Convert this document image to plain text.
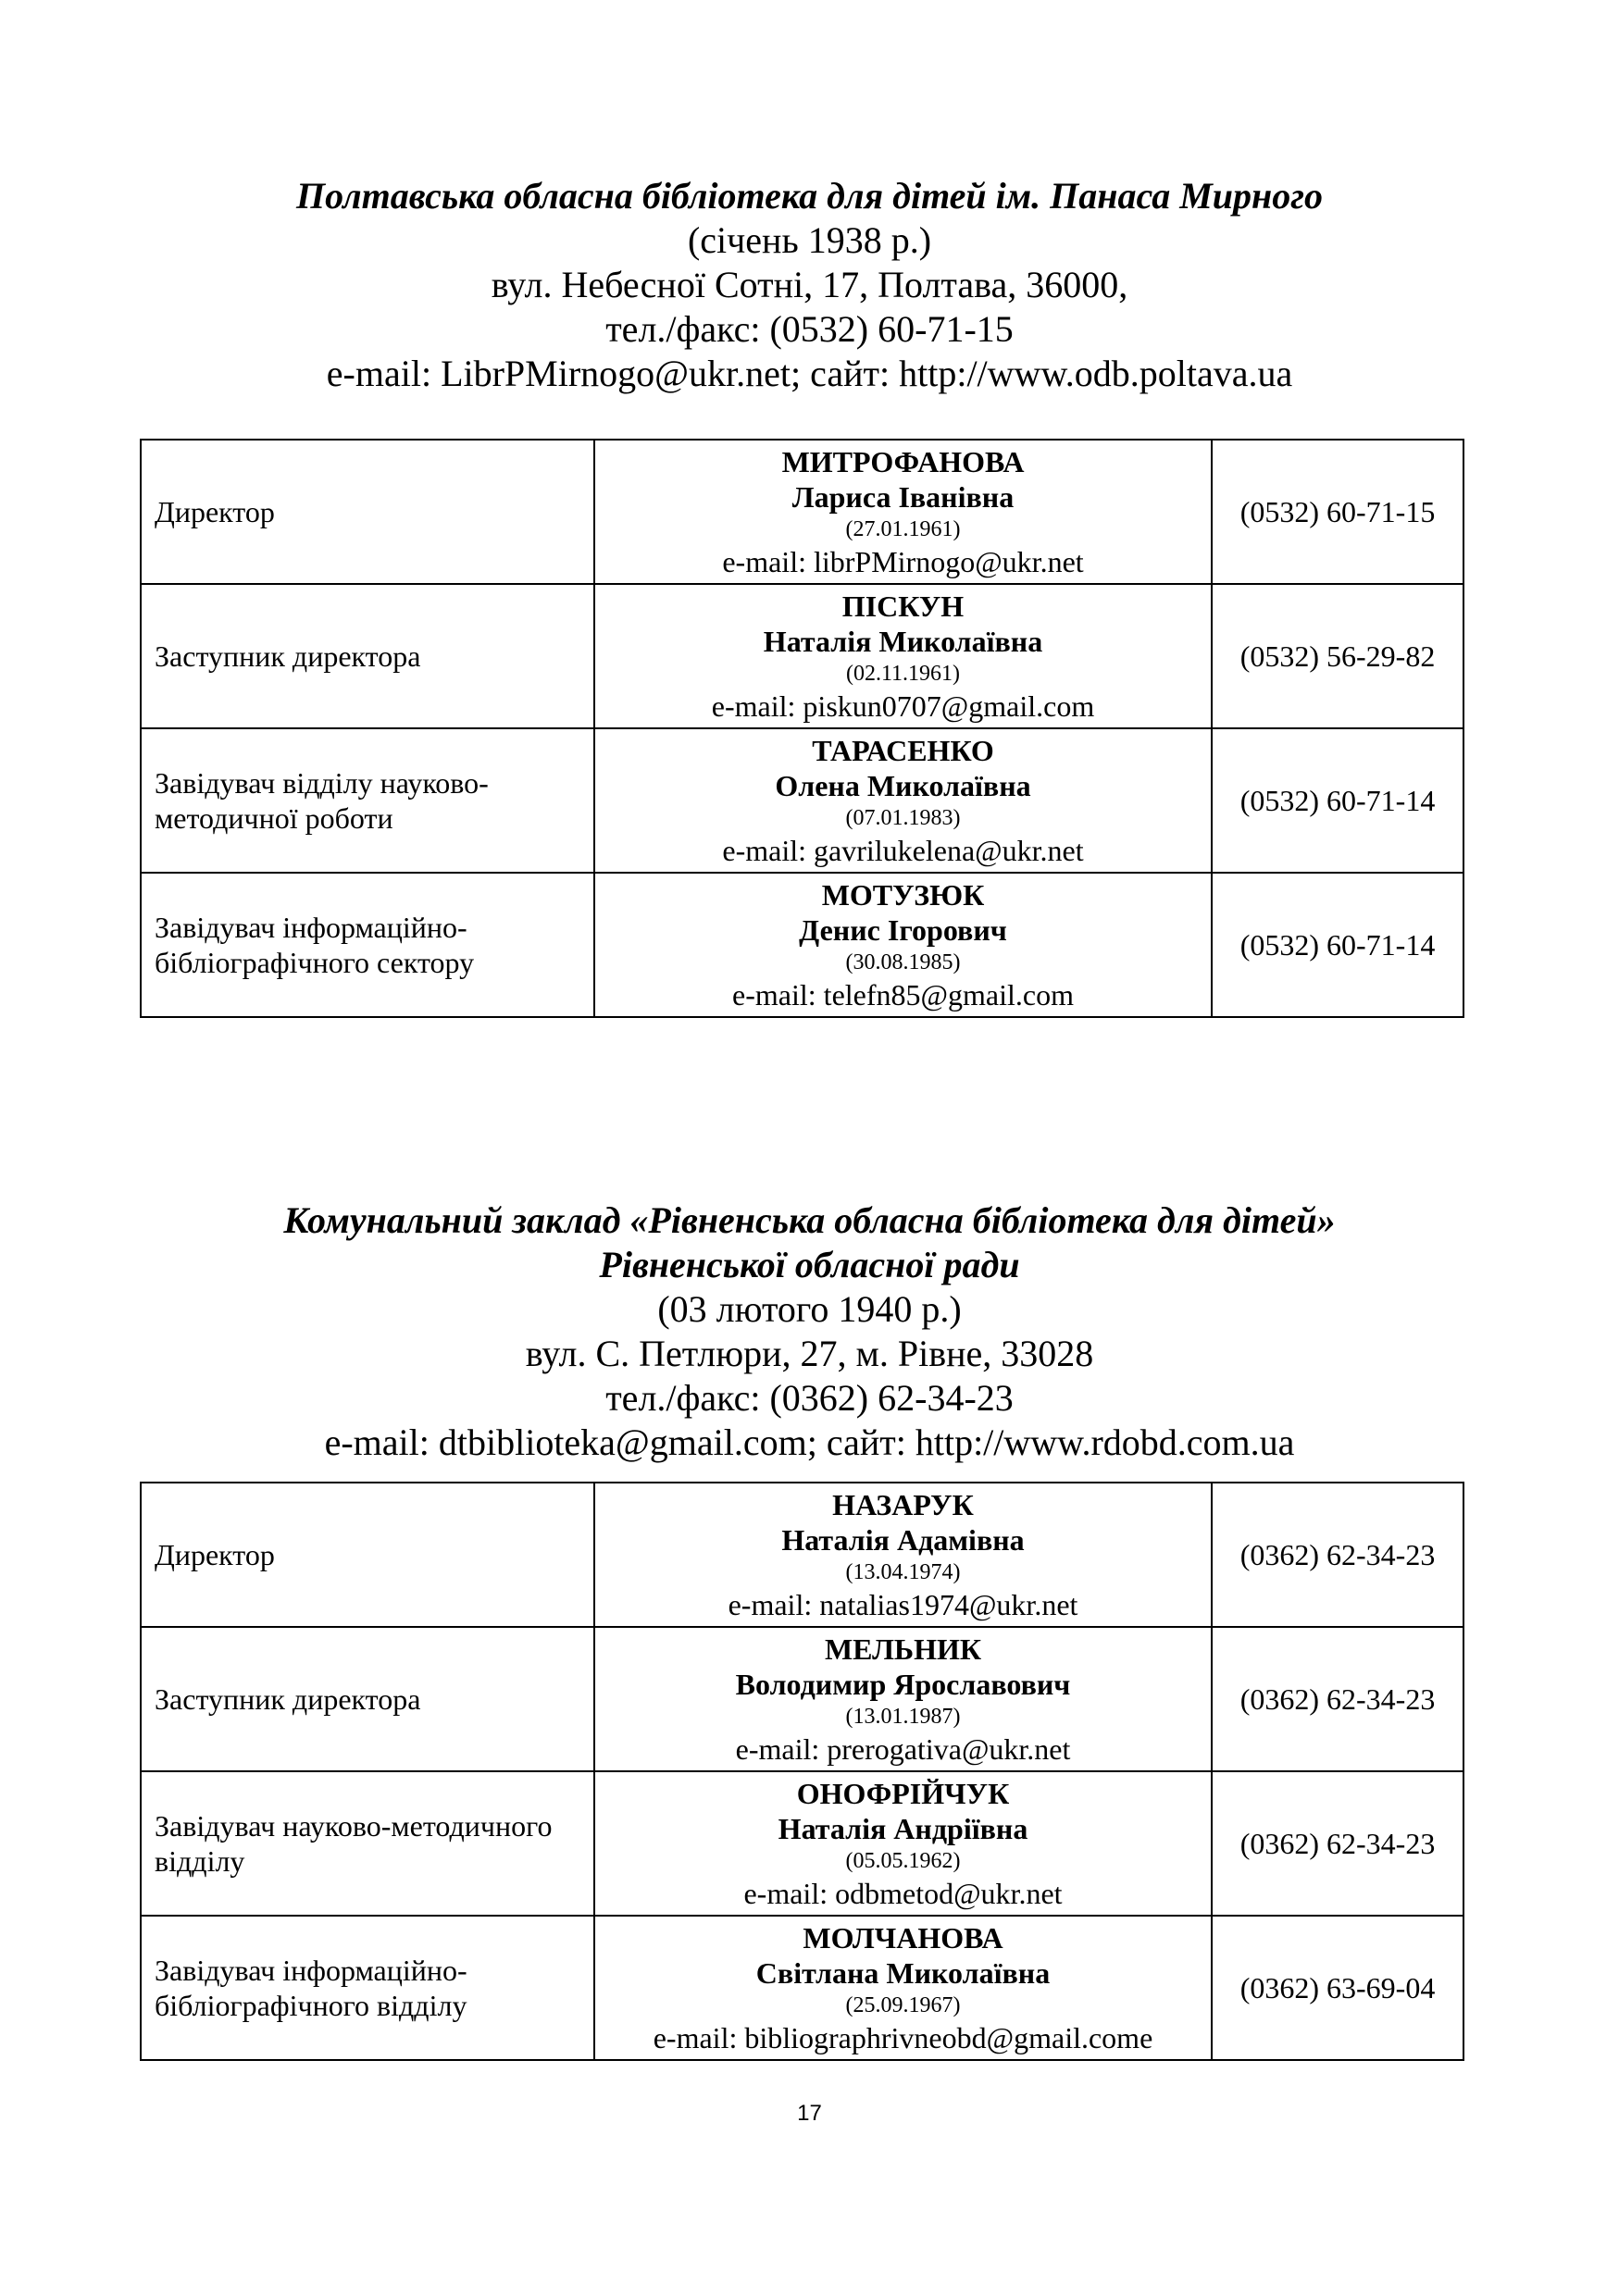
Полтавська обласна бібліотека для дітей ім. Панаса Мирного
(січень 1938 р.)
вул. Небесної Сотні, 17, Полтава, 36000,
тел./факс: (0532) 60-71-15
e-mail: LibrPMirnogo@ukr.net; сайт: http://www.odb.poltava.ua
Директор	МИТРОФАНОВА
Лариса Іванівна
(27.01.1961)
e-mail: librPMirnogo@ukr.net	(0532) 60-71-15
Заступник директора	ПІСКУН
Наталія Миколаївна
(02.11.1961)
e-mail: piskun0707@gmail.com	(0532) 56-29-82
Завідувач відділу науково-методичної роботи	ТАРАСЕНКО
Олена Миколаївна
(07.01.1983)
e-mail: gavrilukelena@ukr.net	(0532) 60-71-14
Завідувач інформаційно-бібліографічного сектору	МОТУЗЮК
Денис Ігорович
(30.08.1985)
e-mail: telefn85@gmail.com	(0532) 60-71-14
Комунальний заклад «Рівненська обласна бібліотека для дітей»
Рівненської обласної ради
(03 лютого 1940 р.)
вул. С. Петлюри, 27, м. Рівне, 33028
тел./факс: (0362) 62-34-23
e-mail: dtbiblioteka@gmail.com; сайт: http://www.rdobd.com.ua
Директор	НАЗАРУК
Наталія Адамівна
(13.04.1974)
e-mail: natalias1974@ukr.net	(0362) 62-34-23
Заступник директора	МЕЛЬНИК
Володимир Ярославович
(13.01.1987)
e-mail: prerogativa@ukr.net	(0362) 62-34-23
Завідувач науково-методичного відділу	ОНОФРІЙЧУК
Наталія Андріївна
(05.05.1962)
e-mail: odbmetod@ukr.net	(0362) 62-34-23
Завідувач інформаційно-бібліографічного відділу	МОЛЧАНОВА
Світлана Миколаївна
(25.09.1967)
e-mail: bibliographrivneobd@gmail.come	(0362) 63-69-04
17
